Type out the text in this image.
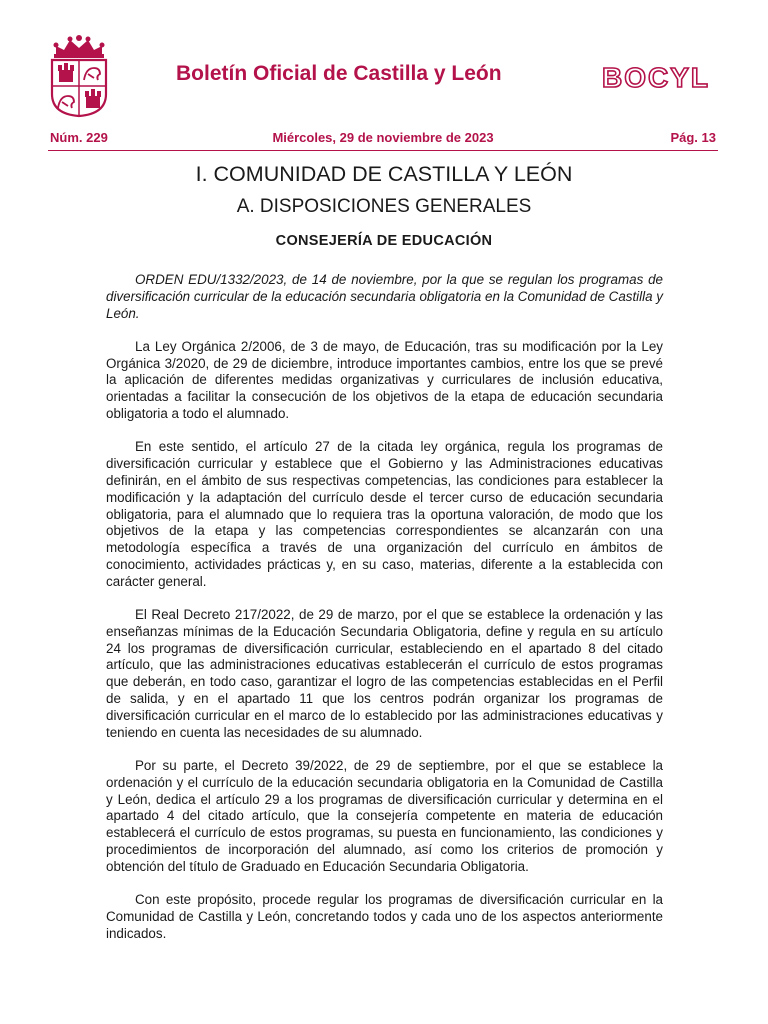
Boletín Oficial de Castilla y León	BOCYL
Núm. 229	Miércoles, 29 de noviembre de 2023	Pág. 13
I. COMUNIDAD DE CASTILLA Y LEÓN
A. DISPOSICIONES GENERALES
CONSEJERÍA DE EDUCACIÓN

ORDEN EDU/1332/2023, de 14 de noviembre, por la que se regulan los programas de diversificación curricular de la educación secundaria obligatoria en la Comunidad de Castilla y León.

La Ley Orgánica 2/2006, de 3 de mayo, de Educación, tras su modificación por la Ley Orgánica 3/2020, de 29 de diciembre, introduce importantes cambios, entre los que se prevé la aplicación de diferentes medidas organizativas y curriculares de inclusión educativa, orientadas a facilitar la consecución de los objetivos de la etapa de educación secundaria obligatoria a todo el alumnado.

En este sentido, el artículo 27 de la citada ley orgánica, regula los programas de diversificación curricular y establece que el Gobierno y las Administraciones educativas definirán, en el ámbito de sus respectivas competencias, las condiciones para establecer la modificación y la adaptación del currículo desde el tercer curso de educación secundaria obligatoria, para el alumnado que lo requiera tras la oportuna valoración, de modo que los objetivos de la etapa y las competencias correspondientes se alcanzarán con una metodología específica a través de una organización del currículo en ámbitos de conocimiento, actividades prácticas y, en su caso, materias, diferente a la establecida con carácter general.

El Real Decreto 217/2022, de 29 de marzo, por el que se establece la ordenación y las enseñanzas mínimas de la Educación Secundaria Obligatoria, define y regula en su artículo 24 los programas de diversificación curricular, estableciendo en el apartado 8 del citado artículo, que las administraciones educativas establecerán el currículo de estos programas que deberán, en todo caso, garantizar el logro de las competencias establecidas en el Perfil de salida, y en el apartado 11 que los centros podrán organizar los programas de diversificación curricular en el marco de lo establecido por las administraciones educativas y teniendo en cuenta las necesidades de su alumnado.

Por su parte, el Decreto 39/2022, de 29 de septiembre, por el que se establece la ordenación y el currículo de la educación secundaria obligatoria en la Comunidad de Castilla y León, dedica el artículo 29 a los programas de diversificación curricular y determina en el apartado 4 del citado artículo, que la consejería competente en materia de educación establecerá el currículo de estos programas, su puesta en funcionamiento, las condiciones y procedimientos de incorporación del alumnado, así como los criterios de promoción y obtención del título de Graduado en Educación Secundaria Obligatoria.

Con este propósito, procede regular los programas de diversificación curricular en la Comunidad de Castilla y León, concretando todos y cada uno de los aspectos anteriormente indicados.
